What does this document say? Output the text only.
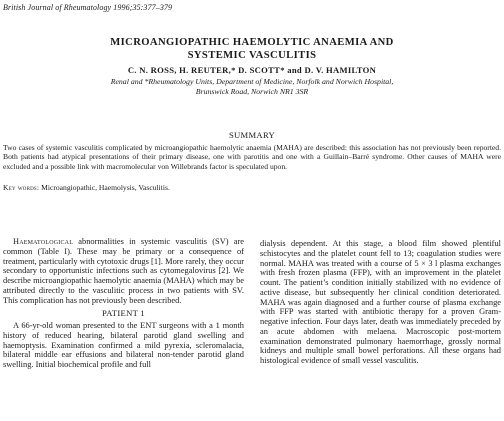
British Journal of Rheumatology 1996;35:377–379
MICROANGIOPATHIC HAEMOLYTIC ANAEMIA AND
SYSTEMIC VASCULITIS
C. N. ROSS, H. REUTER,* D. SCOTT* and D. V. HAMILTON
Renal and *Rheumatology Units, Department of Medicine, Norfolk and Norwich Hospital,
Brunswick Road, Norwich NR1 3SR
SUMMARY
Two cases of systemic vasculitis complicated by microangiopathic haemolytic anaemia (MAHA) are described: this association has not previously been reported. Both patients had atypical presentations of their primary disease, one with parotitis and one with a Guillain–Barré syndrome. Other causes of MAHA were excluded and a possible link with macromolecular von Willebrands factor is speculated upon.
Key words: Microangiopathic, Haemolysis, Vasculitis.

Haematological abnormalities in systemic vasculitis (SV) are common (Table I). These may be primary or a consequence of treatment, particularly with cytotoxic drugs [1]. More rarely, they occur secondary to opportunistic infections such as cytomegalovirus [2]. We describe microangiopathic haemolytic anaemia (MAHA) which may be attributed directly to the vasculitic process in two patients with SV. This complication has not previously been described.

PATIENT 1

A 66-yr-old woman presented to the ENT surgeons with a 1 month history of reduced hearing, bilateral parotid gland swelling and haemoptysis. Examination confirmed a mild pyrexia, scleromalacia, bilateral middle ear effusions and bilateral non-tender parotid gland swelling. Initial biochemical profile and full

dialysis dependent. At this stage, a blood film showed plentiful schistocytes and the platelet count fell to 13; coagulation studies were normal. MAHA was treated with a course of 5 × 3 l plasma exchanges with fresh frozen plasma (FFP), with an improvement in the platelet count. The patient’s condition initially stabilized with no evidence of active disease, but subsequently her clinical condition deteriorated. MAHA was again diagnosed and a further course of plasma exchange with FFP was started with antibiotic therapy for a proven Gram-negative infection. Four days later, death was immediately preceded by an acute abdomen with melaena. Macroscopic post-mortem examination demonstrated pulmonary haemorrhage, grossly normal kidneys and multiple small bowel perforations. All these organs had histological evidence of small vessel vasculitis.
